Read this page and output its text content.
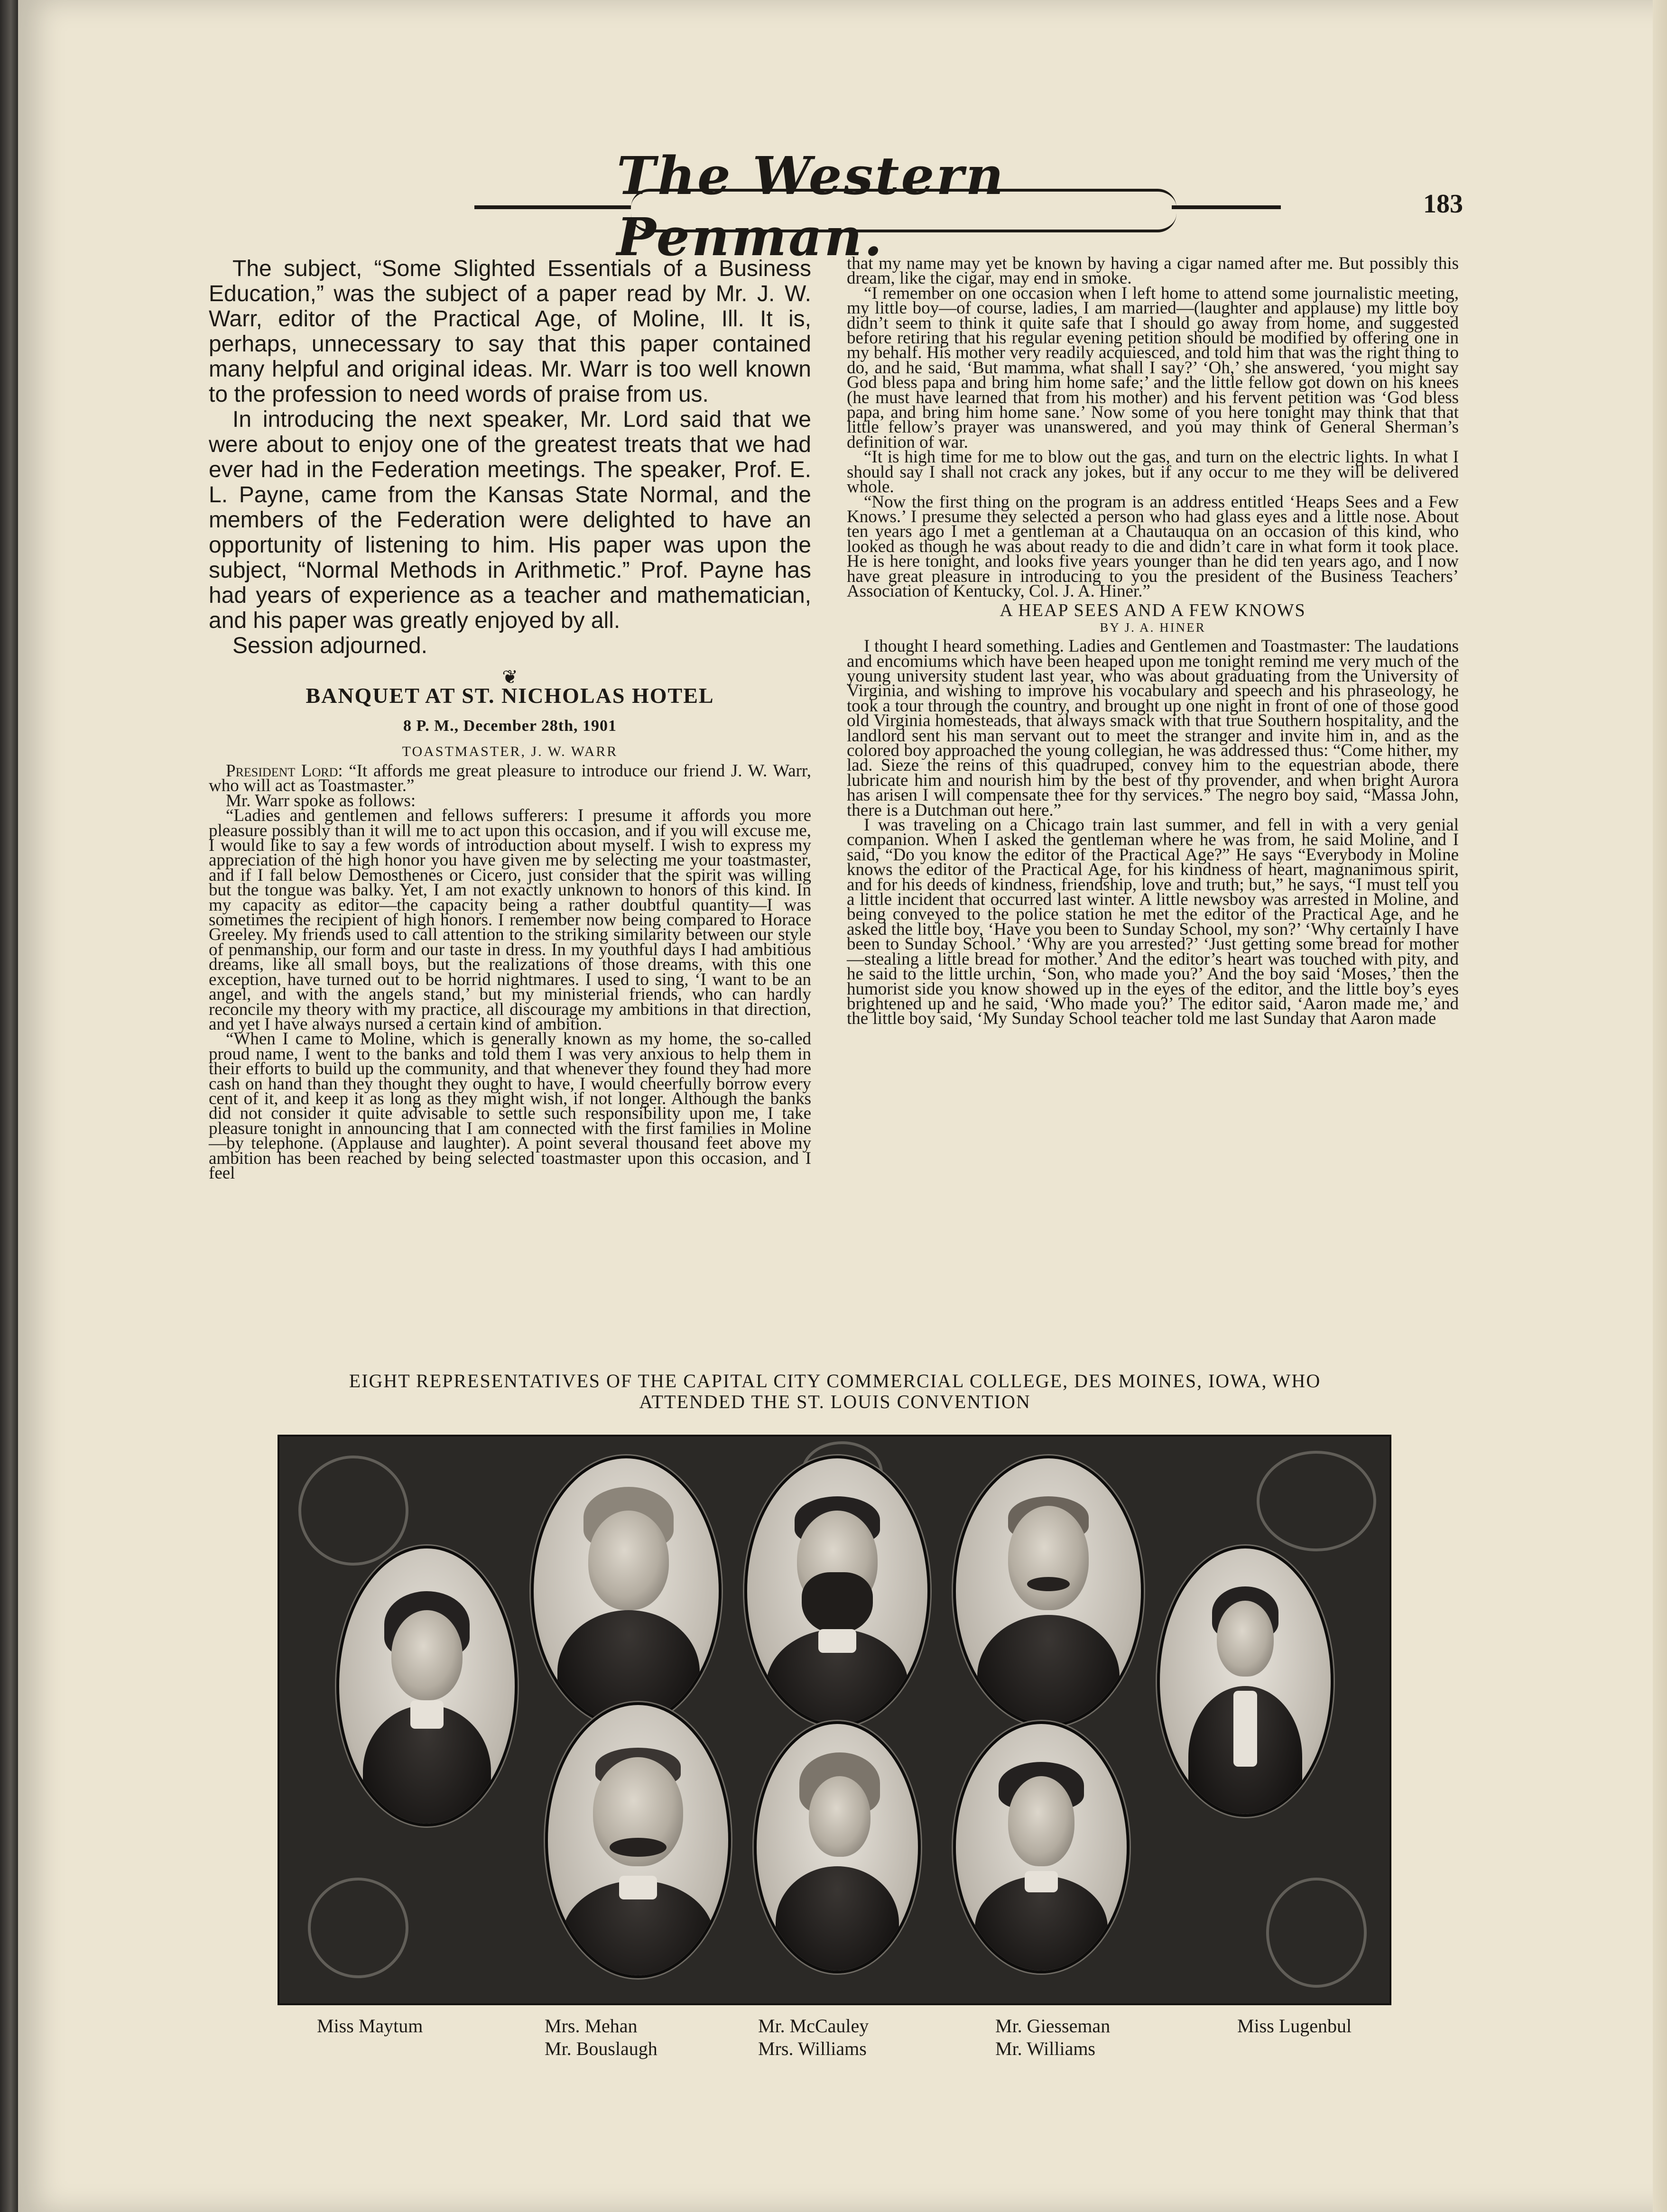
The Western Penman.
183

The subject, “Some Slighted Essentials of a Business Education,” was the subject of a paper read by Mr. J. W. Warr, editor of the Practical Age, of Moline, Ill. It is, perhaps, unnecessary to say that this paper contained many helpful and original ideas. Mr. Warr is too well known to the profession to need words of praise from us.

In introducing the next speaker, Mr. Lord said that we were about to enjoy one of the greatest treats that we had ever had in the Federation meetings. The speaker, Prof. E. L. Payne, came from the Kansas State Normal, and the members of the Federation were delighted to have an opportunity of listening to him. His paper was upon the subject, “Normal Methods in Arithmetic.” Prof. Payne has had years of experience as a teacher and mathematician, and his paper was greatly enjoyed by all.

Session adjourned.

❦
BANQUET AT ST. NICHOLAS HOTEL
8 P. M., December 28th, 1901
TOASTMASTER, J. W. WARR

President Lord: “It affords me great pleasure to introduce our friend J. W. Warr, who will act as Toastmaster.”

Mr. Warr spoke as follows:

“Ladies and gentlemen and fellows sufferers: I presume it affords you more pleasure possibly than it will me to act upon this occasion, and if you will excuse me, I would like to say a few words of introduction about myself. I wish to express my appreciation of the high honor you have given me by selecting me your toastmaster, and if I fall below Demosthenes or Cicero, just consider that the spirit was willing but the tongue was balky. Yet, I am not exactly unknown to honors of this kind. In my capacity as editor—the capacity being a rather doubtful quantity—I was sometimes the recipient of high honors. I remember now being compared to Horace Greeley. My friends used to call attention to the striking similarity between our style of penmanship, our form and our taste in dress. In my youthful days I had ambitious dreams, like all small boys, but the realizations of those dreams, with this one exception, have turned out to be horrid nightmares. I used to sing, ‘I want to be an angel, and with the angels stand,’ but my ministerial friends, who can hardly reconcile my theory with my practice, all discourage my ambitions in that direction, and yet I have always nursed a certain kind of ambition.

“When I came to Moline, which is generally known as my home, the so-called proud name, I went to the banks and told them I was very anxious to help them in their efforts to build up the community, and that whenever they found they had more cash on hand than they thought they ought to have, I would cheerfully borrow every cent of it, and keep it as long as they might wish, if not longer. Although the banks did not consider it quite advisable to settle such responsibility upon me, I take pleasure tonight in announcing that I am connected with the first families in Moline—by telephone. (Applause and laughter). A point several thousand feet above my ambition has been reached by being selected toastmaster upon this occasion, and I feel

that my name may yet be known by having a cigar named after me. But possibly this dream, like the cigar, may end in smoke.

“I remember on one occasion when I left home to attend some journalistic meeting, my little boy—of course, ladies, I am married—(laughter and applause) my little boy didn’t seem to think it quite safe that I should go away from home, and suggested before retiring that his regular evening petition should be modified by offering one in my behalf. His mother very readily acquiesced, and told him that was the right thing to do, and he said, ‘But mamma, what shall I say?’ ‘Oh,’ she answered, ‘you might say God bless papa and bring him home safe;’ and the little fellow got down on his knees (he must have learned that from his mother) and his fervent petition was ‘God bless papa, and bring him home sane.’ Now some of you here tonight may think that that little fellow’s prayer was unanswered, and you may think of General Sherman’s definition of war.

“It is high time for me to blow out the gas, and turn on the electric lights. In what I should say I shall not crack any jokes, but if any occur to me they will be delivered whole.

“Now the first thing on the program is an address entitled ‘Heaps Sees and a Few Knows.’ I presume they selected a person who had glass eyes and a little nose. About ten years ago I met a gentleman at a Chautauqua on an occasion of this kind, who looked as though he was about ready to die and didn’t care in what form it took place. He is here tonight, and looks five years younger than he did ten years ago, and I now have great pleasure in introducing to you the president of the Business Teachers’ Association of Kentucky, Col. J. A. Hiner.”

A HEAP SEES AND A FEW KNOWS

BY J. A. HINER

I thought I heard something. Ladies and Gentlemen and Toastmaster: The laudations and encomiums which have been heaped upon me tonight remind me very much of the young university student last year, who was about graduating from the University of Virginia, and wishing to improve his vocabulary and speech and his phraseology, he took a tour through the country, and brought up one night in front of one of those good old Virginia homesteads, that always smack with that true Southern hospitality, and the landlord sent his man servant out to meet the stranger and invite him in, and as the colored boy approached the young collegian, he was addressed thus: “Come hither, my lad. Sieze the reins of this quadruped, convey him to the equestrian abode, there lubricate him and nourish him by the best of thy provender, and when bright Aurora has arisen I will compensate thee for thy services.” The negro boy said, “Massa John, there is a Dutchman out here.”

I was traveling on a Chicago train last summer, and fell in with a very genial companion. When I asked the gentleman where he was from, he said Moline, and I said, “Do you know the editor of the Practical Age?” He says “Everybody in Moline knows the editor of the Practical Age, for his kindness of heart, magnanimous spirit, and for his deeds of kindness, friendship, love and truth; but,” he says, “I must tell you a little incident that occurred last winter. A little newsboy was arrested in Moline, and being conveyed to the police station he met the editor of the Practical Age, and he asked the little boy, ‘Have you been to Sunday School, my son?’ ‘Why certainly I have been to Sunday School.’ ‘Why are you arrested?’ ‘Just getting some bread for mother—stealing a little bread for mother.’ And the editor’s heart was touched with pity, and he said to the little urchin, ‘Son, who made you?’ And the boy said ‘Moses,’ then the humorist side you know showed up in the eyes of the editor, and the little boy’s eyes brightened up and he said, ‘Who made you?’ The editor said, ‘Aaron made me,’ and the little boy said, ‘My Sunday School teacher told me last Sunday that Aaron made

EIGHT REPRESENTATIVES OF THE CAPITAL CITY COMMERCIAL COLLEGE, DES MOINES, IOWA, WHO
ATTENDED THE ST. LOUIS CONVENTION
Miss Maytum	Mrs. Mehan
Mr. Bouslaugh
Mr. McCauley
Mrs. Williams
Mr. Giesseman
Mr. Williams
Miss Lugenbul
